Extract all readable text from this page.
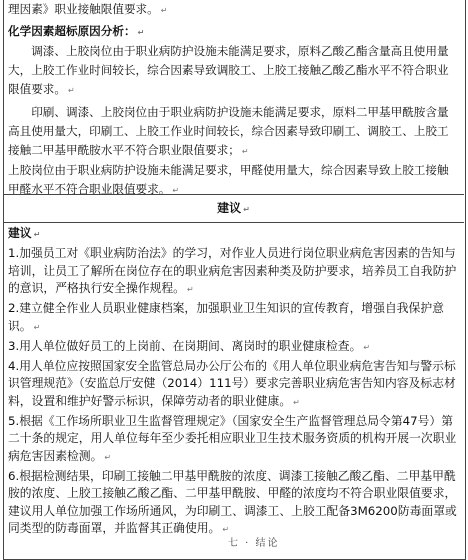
理因素》职业接触限值要求。 ↵

化学因素超标原因分析： ↵

调漆、上胶岗位由于职业病防护设施未能满足要求，原料乙酸乙酯含量高且使用量大，上胶工作业时间较长，综合因素导致调胶工、上胶工接触乙酸乙酯水平不符合职业限值要求。 ↵

印刷、调漆、上胶岗位由于职业病防护设施未能满足要求，原料二甲基甲酰胺含量高且使用量大，印刷工、上胶工作业时间较长，综合因素导致印刷工、调胶工、上胶工接触二甲基甲酰胺水平不符合职业限值要求； ↵

上胶岗位由于职业病防护设施未能满足要求，甲醛使用量大，综合因素导致上胶工接触甲醛水平不符合职业限值要求。 ↵

建议 ↵

建议 ↵

1.加强员工对《职业病防治法》的学习，对作业人员进行岗位职业病危害因素的告知与培训，让员工了解所在岗位存在的职业病危害因素种类及防护要求，培养员工自我防护的意识，严格执行安全操作规程。 ↵

2.建立健全作业人员职业健康档案，加强职业卫生知识的宣传教育，增强自我保护意识。 ↵

3.用人单位做好员工的上岗前、在岗期间、离岗时的职业健康检查。 ↵

4.用人单位应按照国家安全监管总局办公厅公布的《用人单位职业病危害告知与警示标识管理规范》（安监总厅安健（2014）111号）要求完善职业病危害告知内容及标志材料，设置和维护好警示标识，保障劳动者的职业健康。 ↵

5.根据《工作场所职业卫生监督管理规定》（国家安全生产监督管理总局令第47号）第二十条的规定，用人单位每年至少委托相应职业卫生技术服务资质的机构开展一次职业病危害因素检测。 ↵

6.根据检测结果，印刷工接触二甲基甲酰胺的浓度、调漆工接触乙酸乙酯、二甲基甲酰胺的浓度、上胶工接触乙酸乙酯、二甲基甲酰胺、甲醛的浓度均不符合职业限值要求，建议用人单位加强工作场所通风，为印刷工、调漆工、上胶工配备3M6200防毒面罩或同类型的防毒面罩，并监督其正确使用。 ↵

七 · 结论
